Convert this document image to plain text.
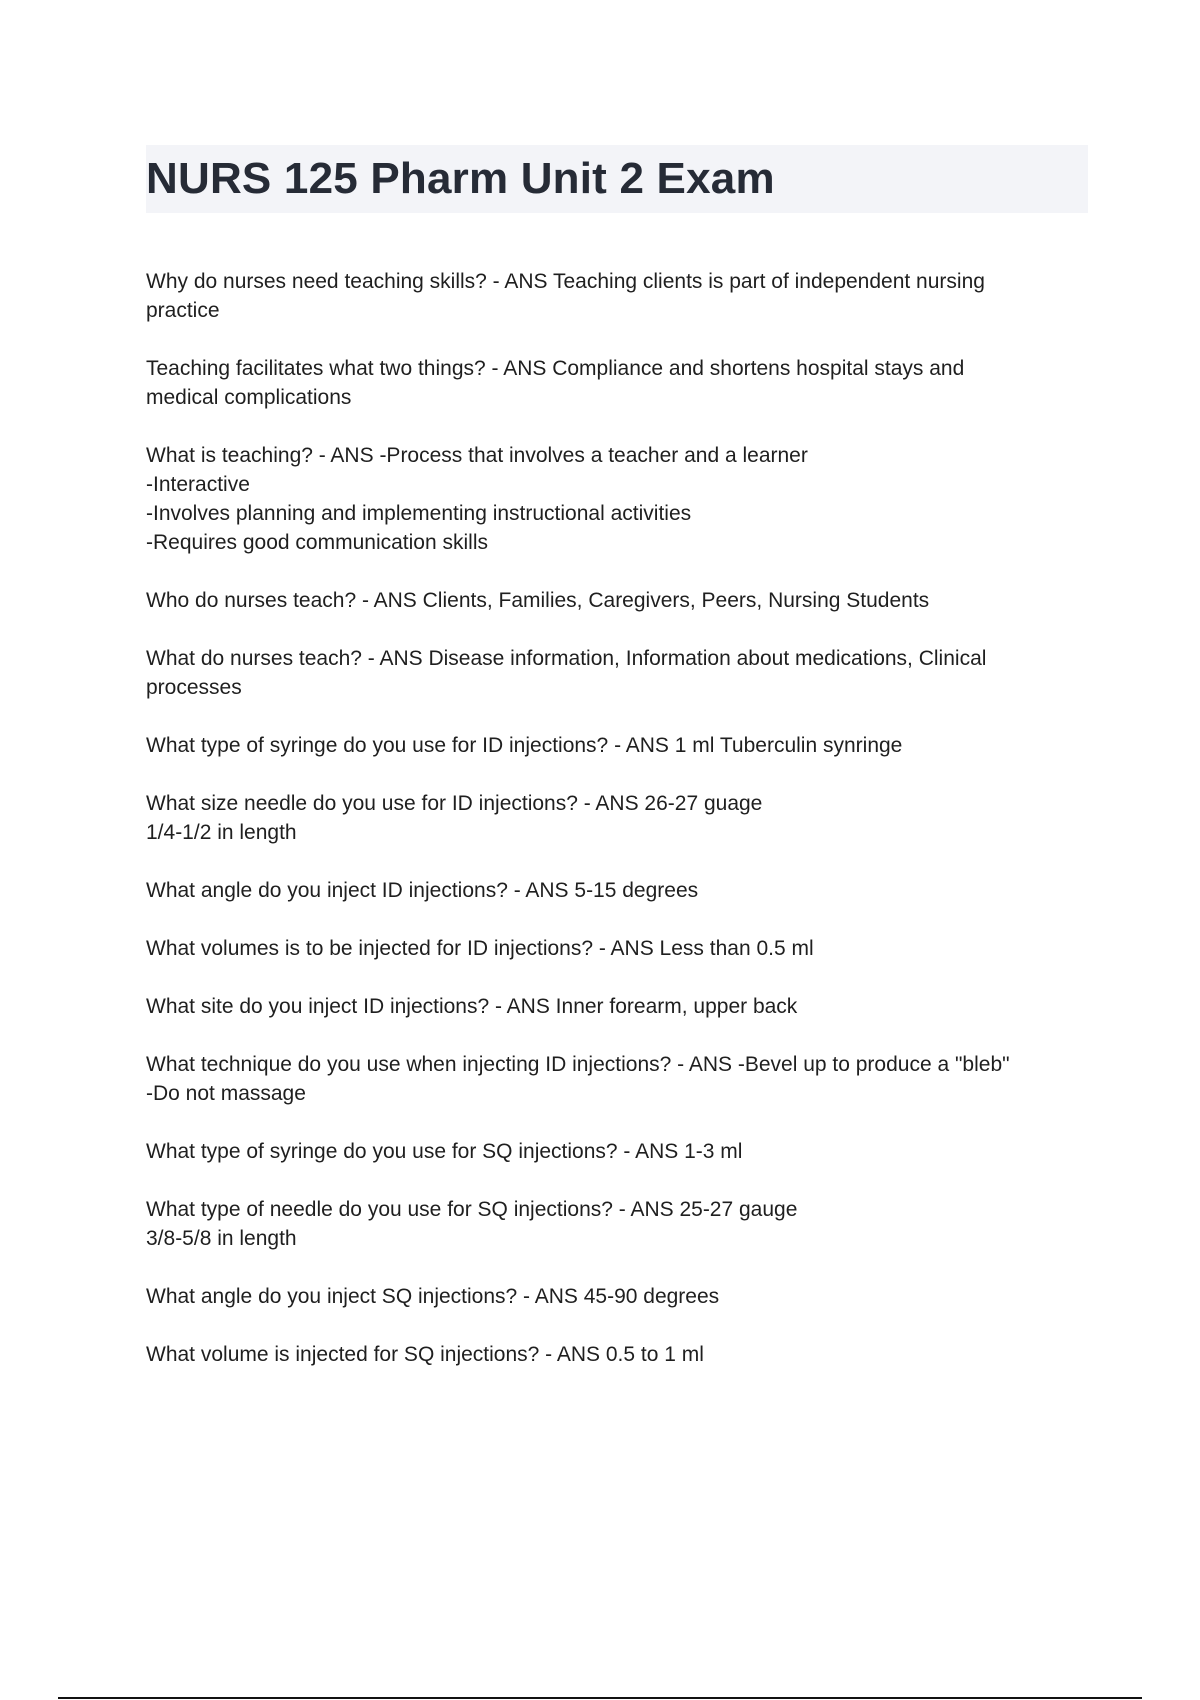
NURS 125 Pharm Unit 2 Exam
Why do nurses need teaching skills? - ANS Teaching clients is part of independent nursing
practice
Teaching facilitates what two things? - ANS Compliance and shortens hospital stays and
medical complications
What is teaching? - ANS -Process that involves a teacher and a learner
-Interactive
-Involves planning and implementing instructional activities
-Requires good communication skills
Who do nurses teach? - ANS Clients, Families, Caregivers, Peers, Nursing Students
What do nurses teach? - ANS Disease information, Information about medications, Clinical
processes
What type of syringe do you use for ID injections? - ANS 1 ml Tuberculin synringe
What size needle do you use for ID injections? - ANS 26-27 guage
1/4-1/2 in length
What angle do you inject ID injections? - ANS 5-15 degrees
What volumes is to be injected for ID injections? - ANS Less than 0.5 ml
What site do you inject ID injections? - ANS Inner forearm, upper back
What technique do you use when injecting ID injections? - ANS -Bevel up to produce a "bleb"
-Do not massage
What type of syringe do you use for SQ injections? - ANS 1-3 ml
What type of needle do you use for SQ injections? - ANS 25-27 gauge
3/8-5/8 in length
What angle do you inject SQ injections? - ANS 45-90 degrees
What volume is injected for SQ injections? - ANS 0.5 to 1 ml
